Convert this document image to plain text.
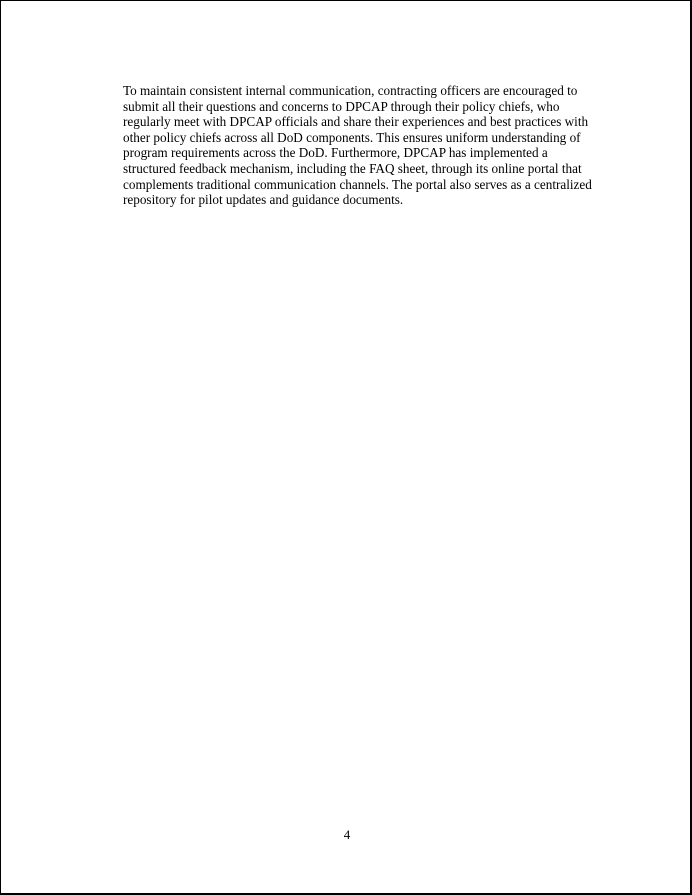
To maintain consistent internal communication, contracting officers are encouraged to
submit all their questions and concerns to DPCAP through their policy chiefs, who
regularly meet with DPCAP officials and share their experiences and best practices with
other policy chiefs across all DoD components. This ensures uniform understanding of
program requirements across the DoD. Furthermore, DPCAP has implemented a
structured feedback mechanism, including the FAQ sheet, through its online portal that
complements traditional communication channels. The portal also serves as a centralized
repository for pilot updates and guidance documents.

4
